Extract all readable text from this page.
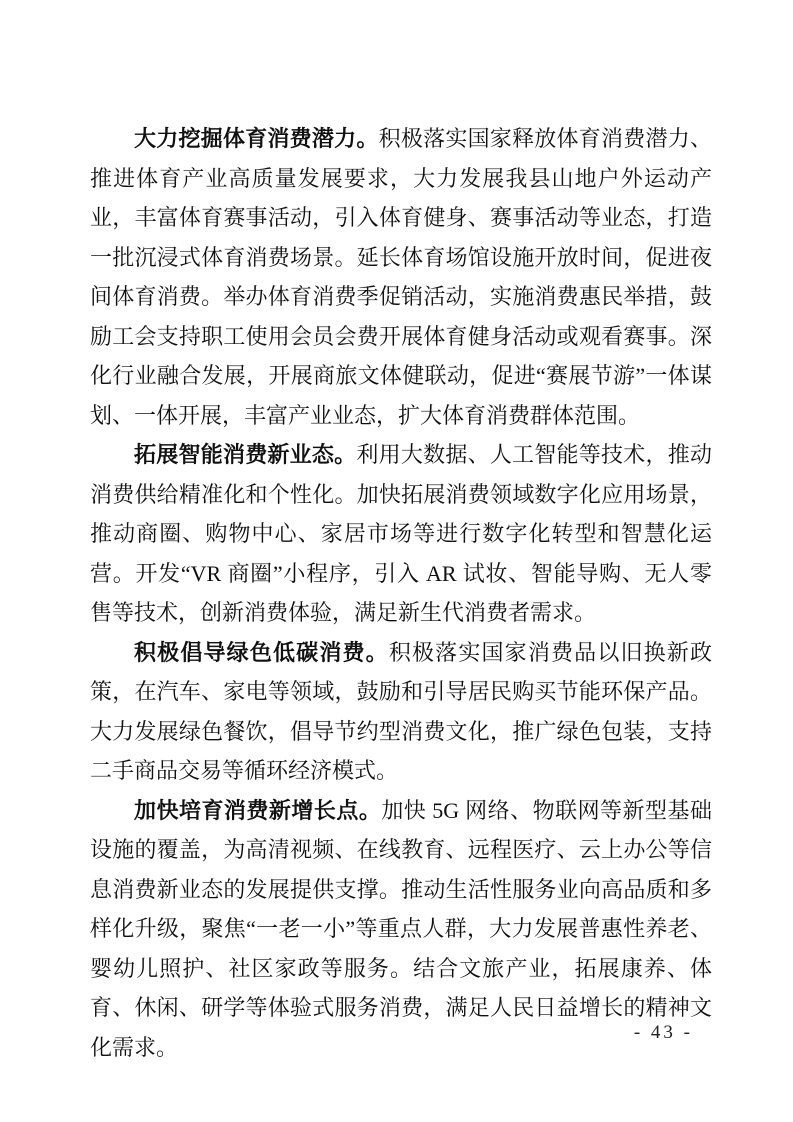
大力挖掘体育消费潜力。积极落实国家释放体育消费潜力、推进体育产业高质量发展要求，大力发展我县山地户外运动产业，丰富体育赛事活动，引入体育健身、赛事活动等业态，打造一批沉浸式体育消费场景。延长体育场馆设施开放时间，促进夜间体育消费。举办体育消费季促销活动，实施消费惠民举措，鼓励工会支持职工使用会员会费开展体育健身活动或观看赛事。深化行业融合发展，开展商旅文体健联动，促进“赛展节游”一体谋划、一体开展，丰富产业业态，扩大体育消费群体范围。

拓展智能消费新业态。利用大数据、人工智能等技术，推动消费供给精准化和个性化。加快拓展消费领域数字化应用场景，推动商圈、购物中心、家居市场等进行数字化转型和智慧化运营。开发“VR 商圈”小程序，引入 AR 试妆、智能导购、无人零售等技术，创新消费体验，满足新生代消费者需求。

积极倡导绿色低碳消费。积极落实国家消费品以旧换新政策，在汽车、家电等领域，鼓励和引导居民购买节能环保产品。大力发展绿色餐饮，倡导节约型消费文化，推广绿色包装，支持二手商品交易等循环经济模式。

加快培育消费新增长点。加快 5G 网络、物联网等新型基础设施的覆盖，为高清视频、在线教育、远程医疗、云上办公等信息消费新业态的发展提供支撑。推动生活性服务业向高品质和多样化升级，聚焦“一老一小”等重点人群，大力发展普惠性养老、婴幼儿照护、社区家政等服务。结合文旅产业，拓展康养、体育、休闲、研学等体验式服务消费，满足人民日益增长的精神文化需求。

- 43 -
